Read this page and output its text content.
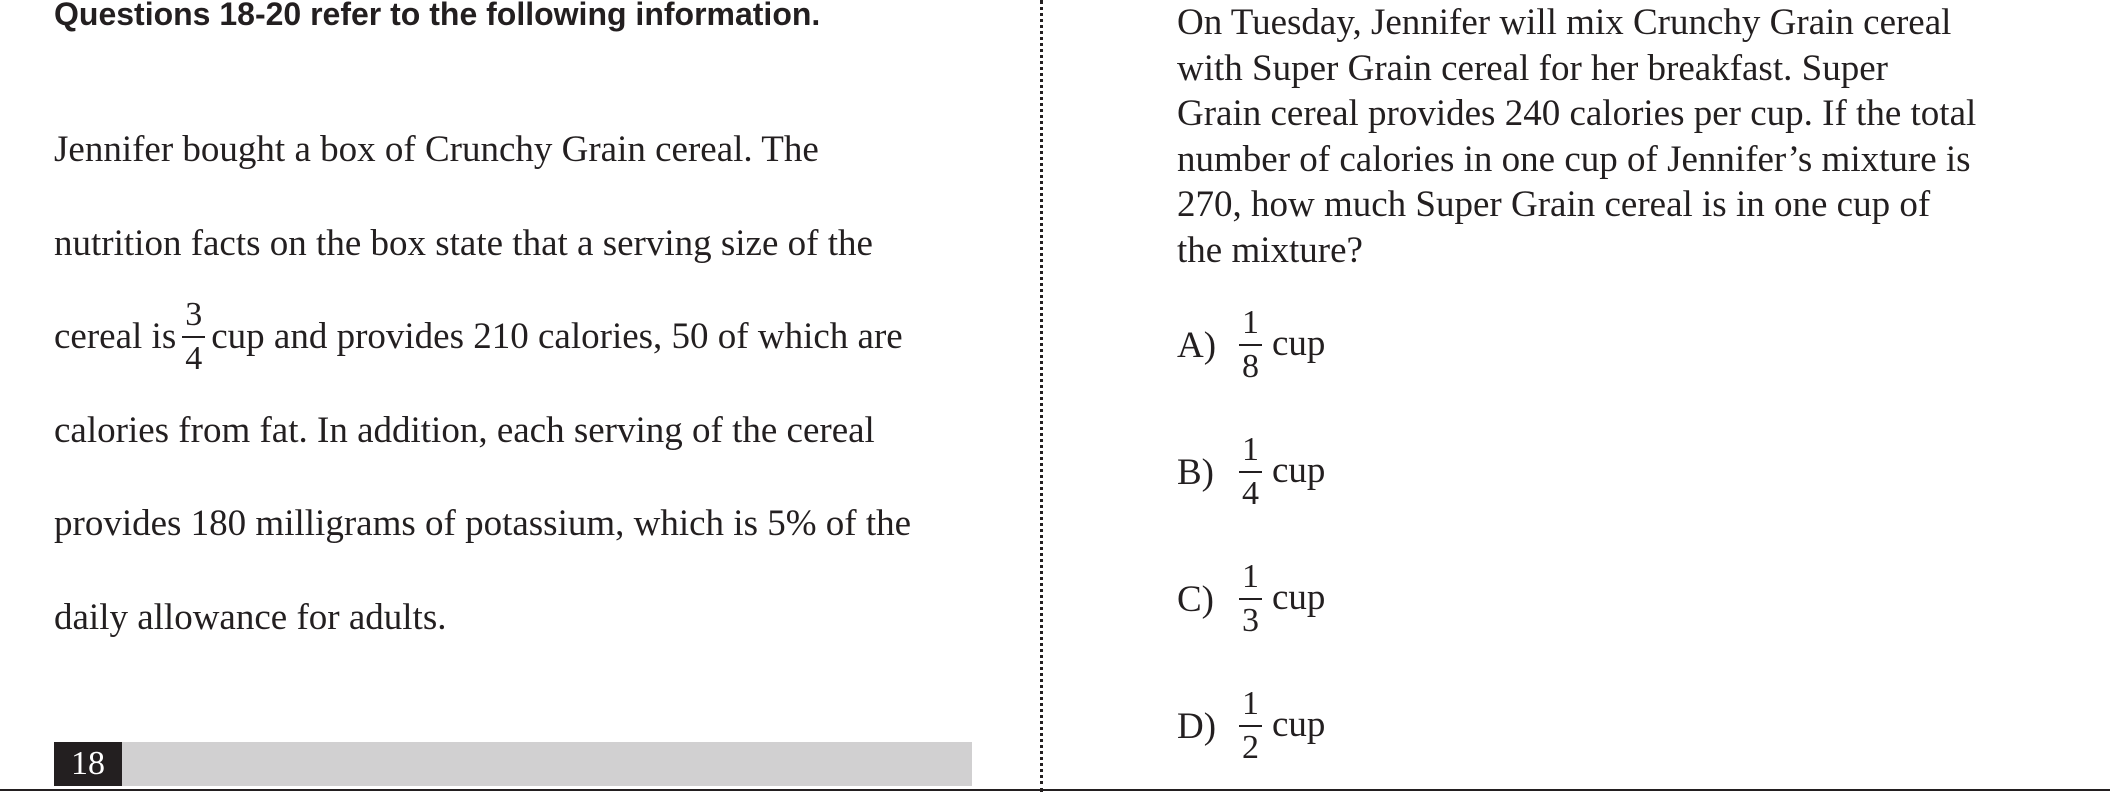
Questions 18-20 refer to the following information.
Jennifer bought a box of Crunchy Grain cereal. The
nutrition facts on the box state that a serving size of the
cereal is $\frac{3}{4}$ cup and provides 210 calories, 50 of which are
calories from fat. In addition, each serving of the cereal
provides 180 milligrams of potassium, which is 5% of the
daily allowance for adults.
18
On Tuesday, Jennifer will mix Crunchy Grain cereal
with Super Grain cereal for her breakfast. Super
Grain cereal provides 240 calories per cup. If the total
number of calories in one cup of Jennifer’s mixture is
270, how much Super Grain cereal is in one cup of
the mixture?
$A) \frac{1}{8}$ cup
$B) \frac{1}{4}$ cup
$C) \frac{1}{3}$ cup
$D) \frac{1}{2}$ cup
